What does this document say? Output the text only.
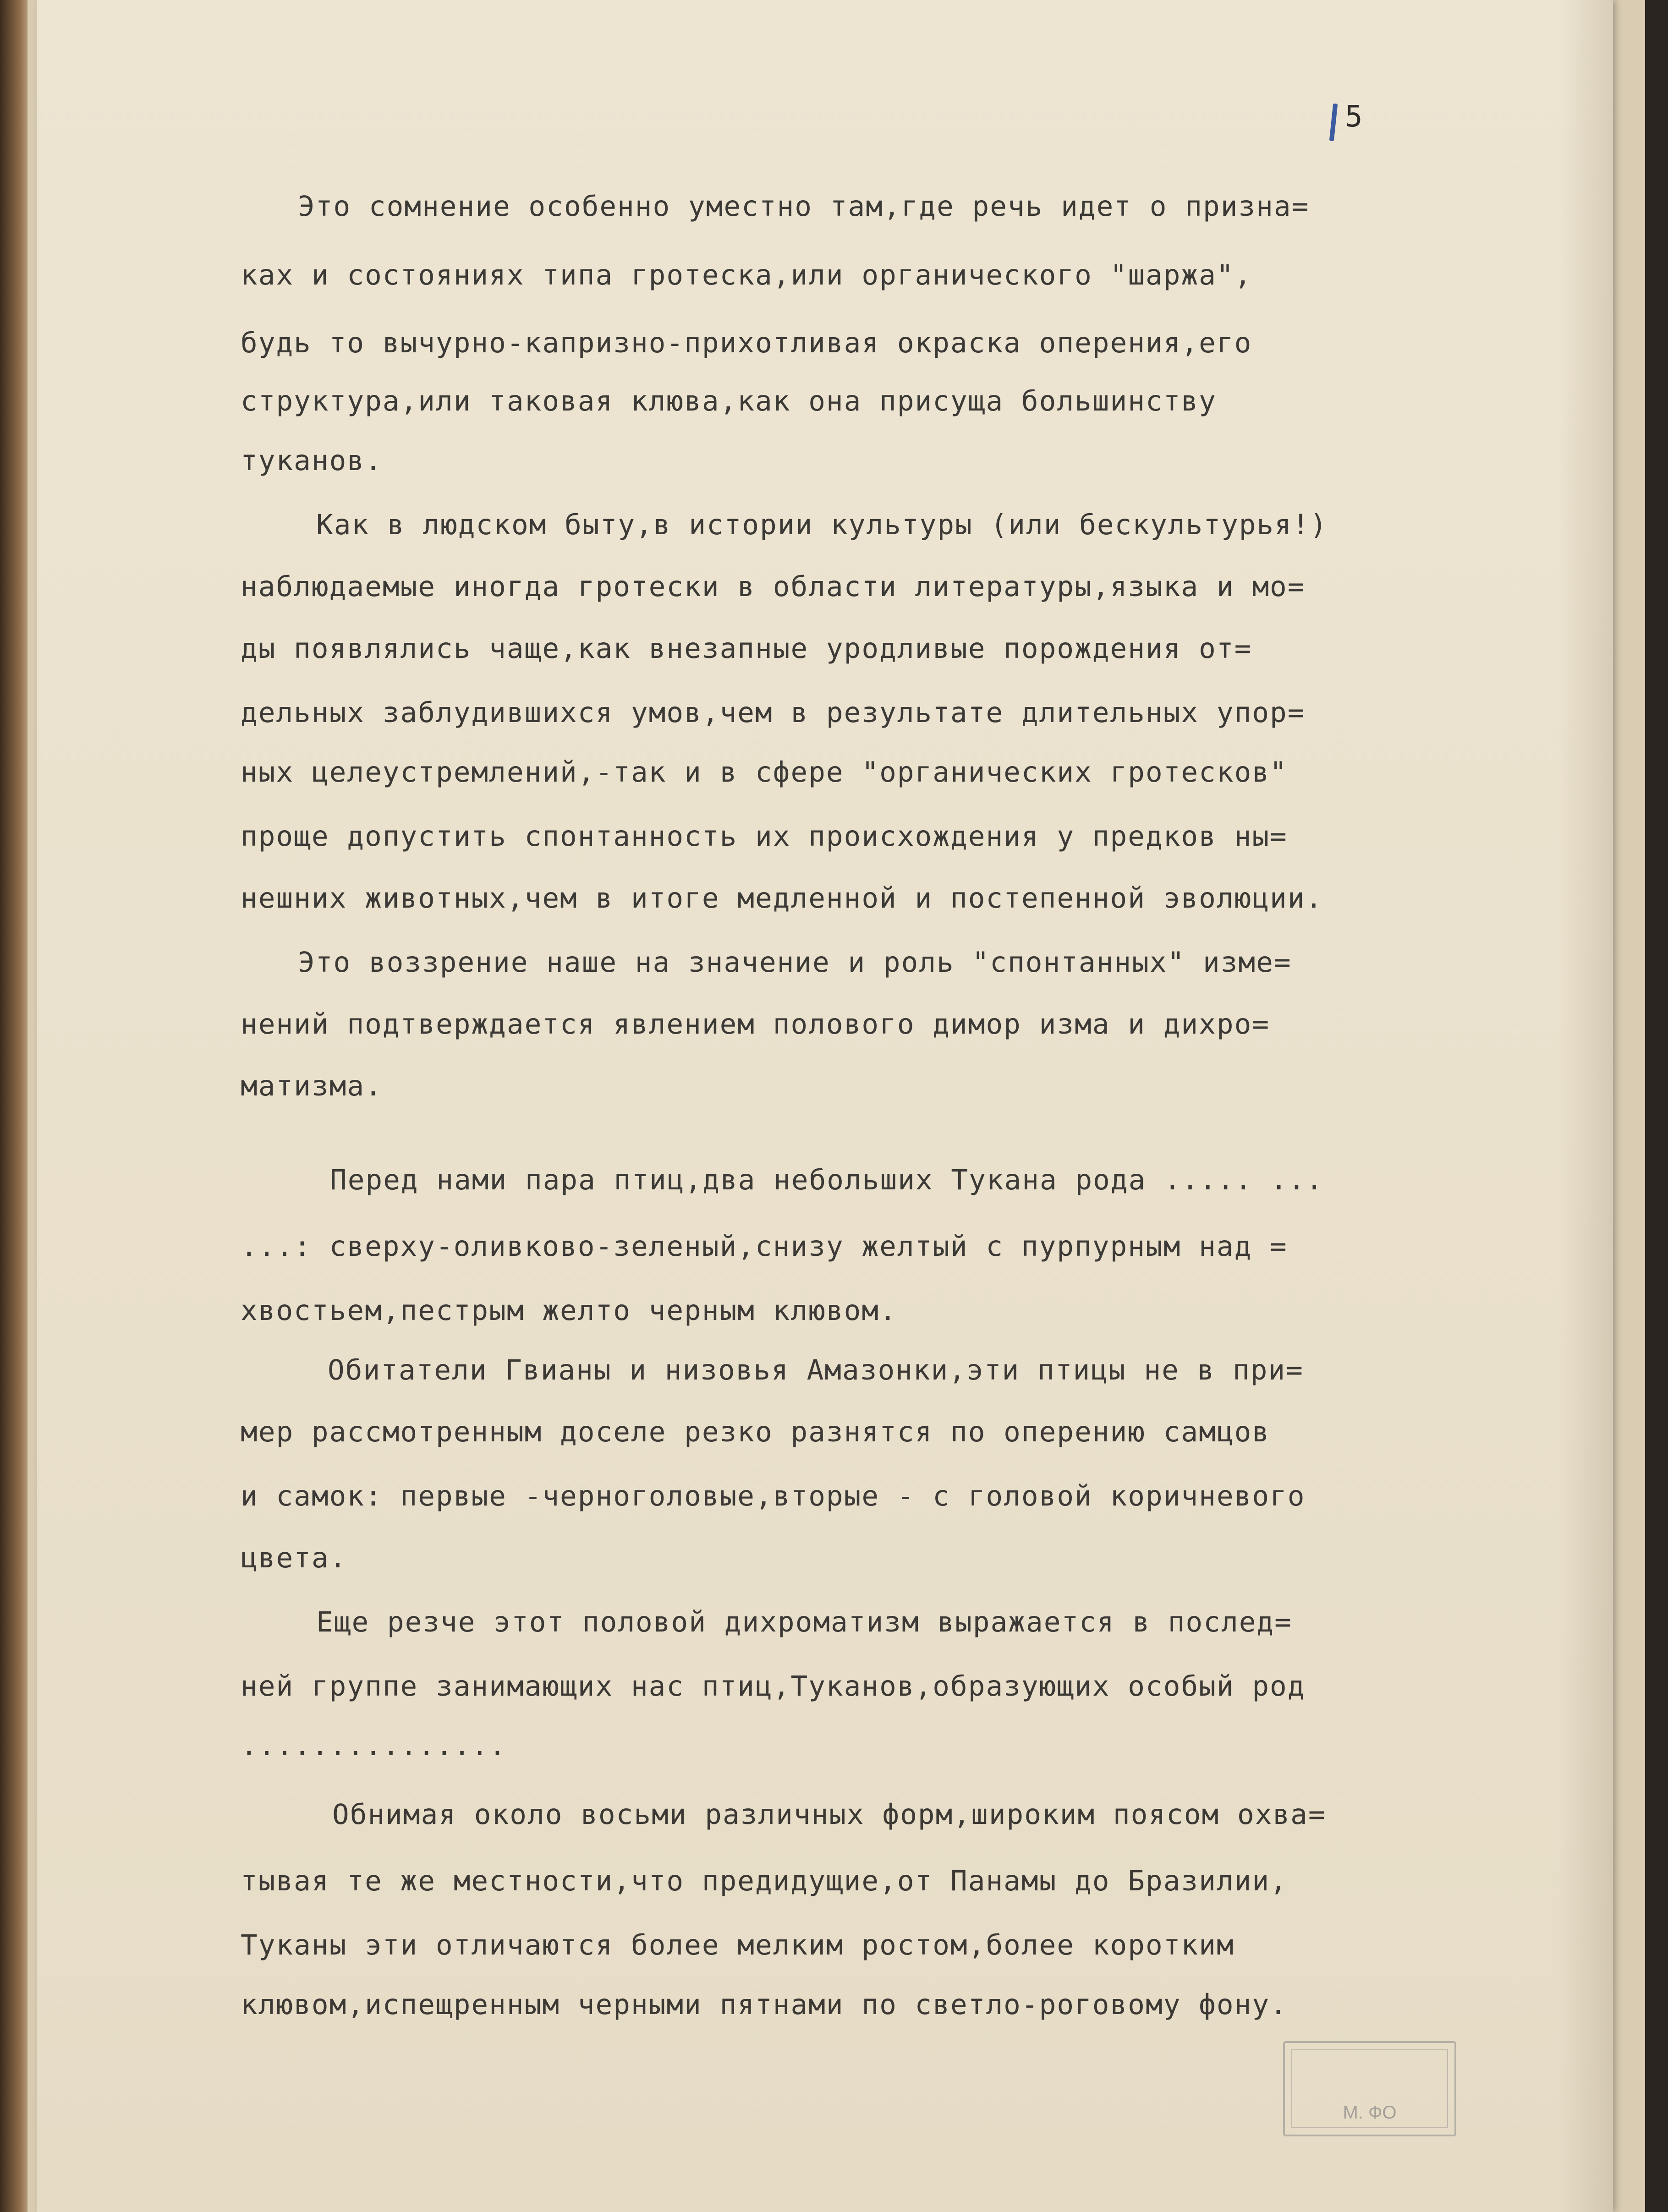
5
Это сомнение особенно уместно там,где речь идет о призна=
ках и состояниях типа гротеска,или органического "шаржа",
будь то вычурно-капризно-прихотливая окраска оперения,его
структура,или таковая клюва,как она присуща большинству
туканов.
Как в людском быту,в истории культуры (или бескультурья!)
наблюдаемые иногда гротески в области литературы,языка и мо=
ды появлялись чаще,как внезапные уродливые порождения от=
дельных заблудившихся умов,чем в результате длительных упор=
ных целеустремлений,-так и в сфере "органических гротесков"
проще допустить спонтанность их происхождения у предков ны=
нешних животных,чем в итоге медленной и постепенной эволюции.
Это воззрение наше на значение и роль "спонтанных" изме=
нений подтверждается явлением полового димор изма и дихро=
матизма.
Перед нами пара птиц,два небольших Тукана рода ..... ...
...: сверху-оливково-зеленый,снизу желтый с пурпурным над =
хвостьем,пестрым желто черным клювом.
Обитатели Гвианы и низовья Амазонки,эти птицы не в при=
мер рассмотренным доселе резко разнятся по оперению самцов
и самок: первые -черноголовые,вторые - с головой коричневого
цвета.
Еще резче этот половой дихроматизм выражается в послед=
ней группе занимающих нас птиц,Туканов,образующих особый род
...............
Обнимая около восьми различных форм,широким поясом охва=
тывая те же местности,что предидущие,от Панамы до Бразилии,
Туканы эти отличаются более мелким ростом,более коротким
клювом,испещренным черными пятнами по светло-роговому фону.
М. ФО
